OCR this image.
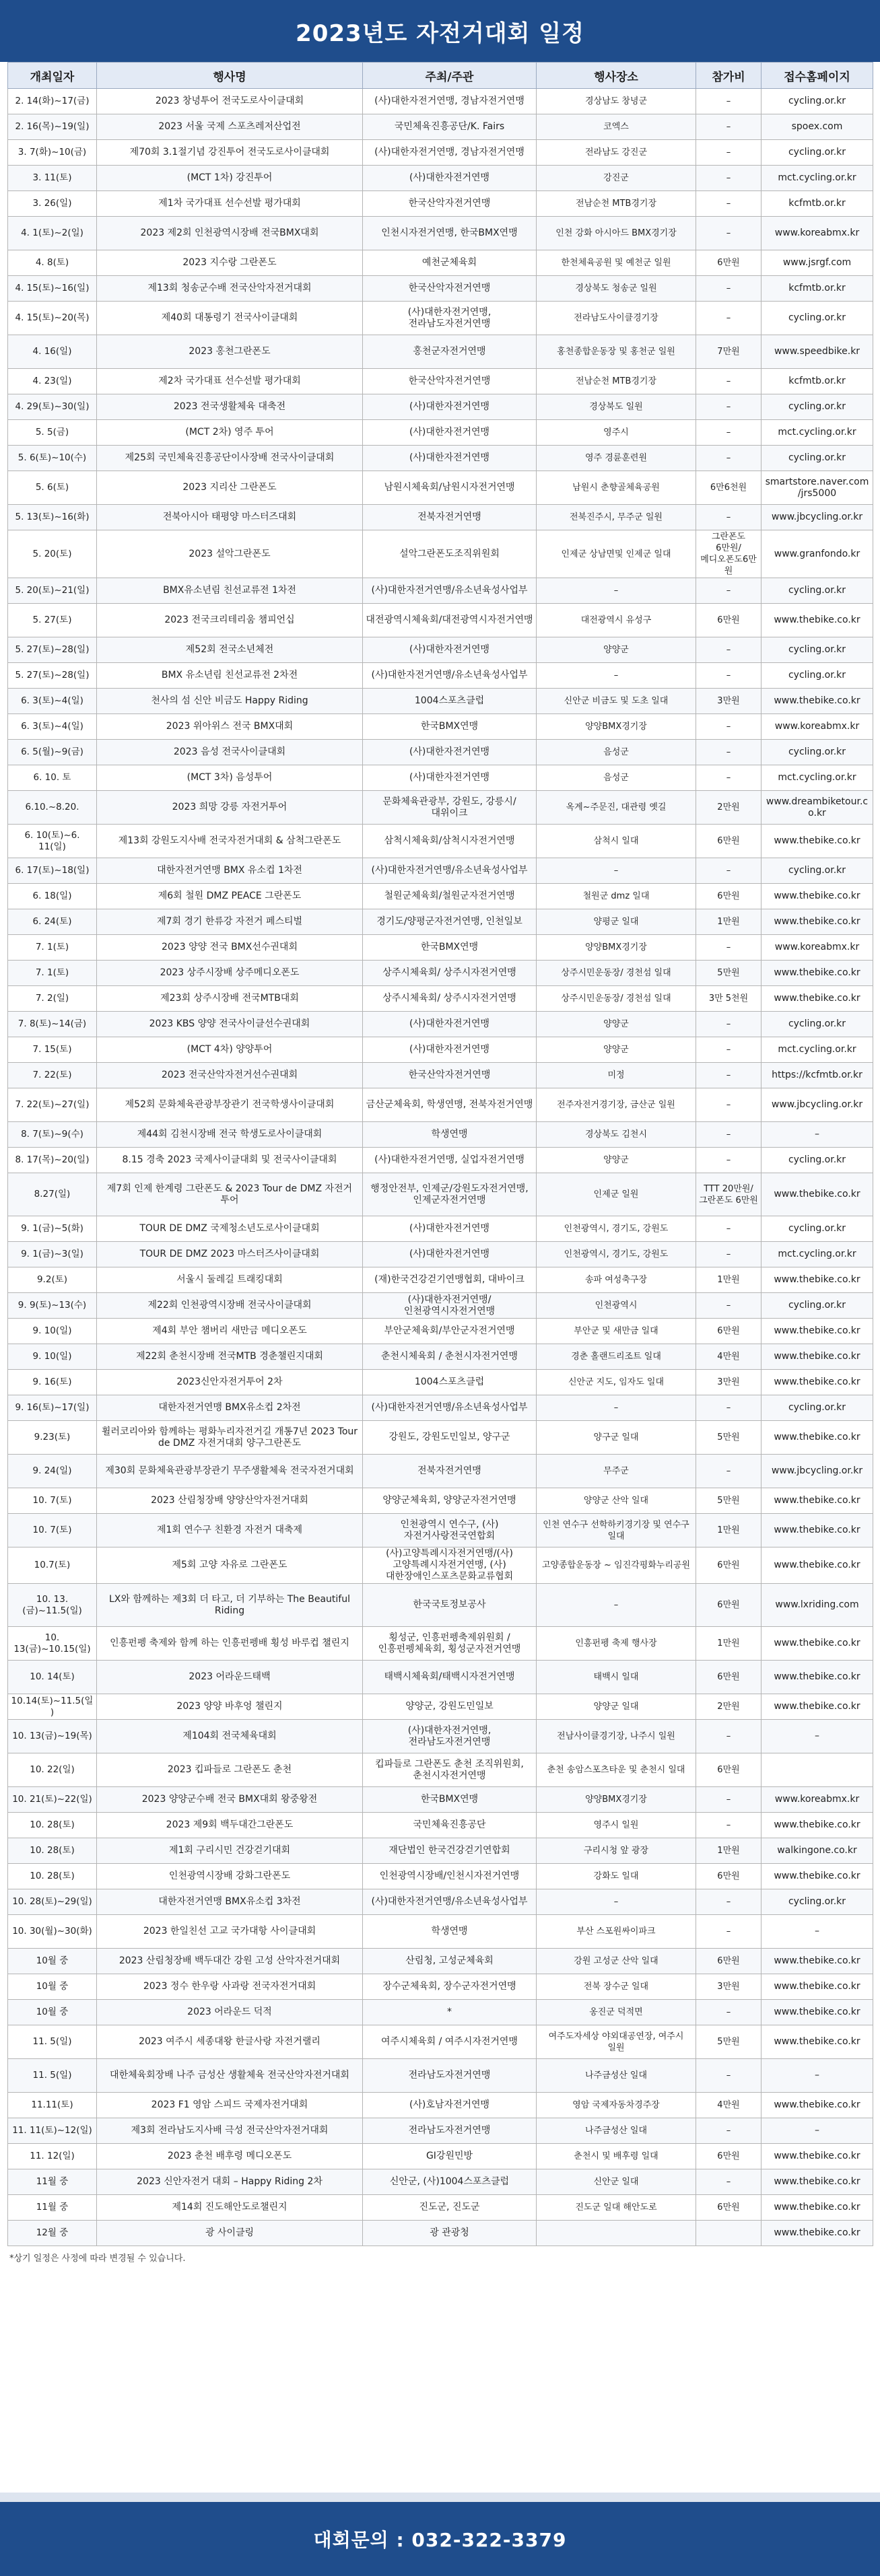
2023년도 자전거대회 일정
개최일자	행사명	주최/주관	행사장소	참가비	접수홈페이지
2. 14(화)~17(금)	2023 창녕투어 전국도로사이클대회	(사)대한자전거연맹, 경남자전거연맹	경상남도 창녕군	–	cycling.or.kr
2. 16(목)~19(일)	2023 서울 국제 스포츠레저산업전	국민체육진흥공단/K. Fairs	코엑스	–	spoex.com
3. 7(화)~10(금)	제70회 3.1절기념 강진투어 전국도로사이클대회	(사)대한자전거연맹, 경남자전거연맹	전라남도 강진군	–	cycling.or.kr
3. 11(토)	(MCT 1차) 강진투어	(사)대한자전거연맹	강진군	–	mct.cycling.or.kr
3. 26(일)	제1차 국가대표 선수선발 평가대회	한국산악자전거연맹	전남순천 MTB경기장	–	kcfmtb.or.kr
4. 1(토)~2(일)	2023 제2회 인천광역시장배 전국BMX대회	인천시자전거연맹, 한국BMX연맹	인천 강화 아시아드 BMX경기장	–	www.koreabmx.kr
4. 8(토)	2023 지수랑 그란폰도	예천군체육회	한천체육공원 및 예천군 일원	6만원	www.jsrgf.com
4. 15(토)~16(일)	제13회 청송군수배 전국산악자전거대회	한국산악자전거연맹	경상북도 청송군 일원	–	kcfmtb.or.kr
4. 15(토)~20(목)	제40회 대통령기 전국사이클대회	(사)대한자전거연맹, 전라남도자전거연맹	전라남도사이클경기장	–	cycling.or.kr
4. 16(일)	2023 홍천그란폰도	홍천군자전거연맹	홍천종합운동장 및 홍천군 일원	7만원	www.speedbike.kr
4. 23(일)	제2차 국가대표 선수선발 평가대회	한국산악자전거연맹	전남순천 MTB경기장	–	kcfmtb.or.kr
4. 29(토)~30(일)	2023 전국생활체육 대축전	(사)대한자전거연맹	경상북도 일원	–	cycling.or.kr
5. 5(금)	(MCT 2차) 영주 투어	(사)대한자전거연맹	영주시	–	mct.cycling.or.kr
5. 6(토)~10(수)	제25회 국민체육진흥공단이사장배 전국사이클대회	(사)대한자전거연맹	영주 경륜훈련원	–	cycling.or.kr
5. 6(토)	2023 지리산 그란폰도	남원시체육회/남원시자전거연맹	남원시 춘향골체육공원	6만6천원	smartstore.naver.com/jrs5000
5. 13(토)~16(화)	전북아시아 태평양 마스터즈대회	전북자전거연맹	전북진주시, 무주군 일원	–	www.jbcycling.or.kr
5. 20(토)	2023 설악그란폰도	설악그란폰도조직위원회	인제군 상남면및 인제군 일대	그란폰도 6만원/메디오폰도6만원	www.granfondo.kr
5. 20(토)~21(일)	BMX유소년림 친선교류전 1차전	(사)대한자전거연맹/유소년육성사업부	–	–	cycling.or.kr
5. 27(토)	2023 전국크리테리움 챔피언십	대전광역시체육회/대전광역시자전거연맹	대전광역시 유성구	6만원	www.thebike.co.kr
5. 27(토)~28(일)	제52회 전국소년체전	(사)대한자전거연맹	양양군	–	cycling.or.kr
5. 27(토)~28(일)	BMX 유소년림 친선교류전 2차전	(사)대한자전거연맹/유소년육성사업부	–	–	cycling.or.kr
6. 3(토)~4(일)	천사의 섬 신안 비금도 Happy Riding	1004스포츠클럽	신안군 비금도 및 도초 일대	3만원	www.thebike.co.kr
6. 3(토)~4(일)	2023 위아위스 전국 BMX대회	한국BMX연맹	양양BMX경기장	–	www.koreabmx.kr
6. 5(월)~9(금)	2023 음성 전국사이클대회	(사)대한자전거연맹	음성군	–	cycling.or.kr
6. 10. 토	(MCT 3차) 음성투어	(사)대한자전거연맹	음성군	–	mct.cycling.or.kr
6.10.~8.20.	2023 희망 강릉 자전거투어	문화체육관광부, 강원도, 강릉시/대위이크	옥계~주문진, 대관령 옛길	2만원	www.dreambiketour.co.kr
6. 10(토)~6. 11(일)	제13회 강원도지사배 전국자전거대회 & 삼척그란폰도	삼척시체육회/삼척시자전거연맹	삼척시 일대	6만원	www.thebike.co.kr
6. 17(토)~18(일)	대한자전거연맹 BMX 유소컵 1차전	(사)대한자전거연맹/유소년육성사업부	–	–	cycling.or.kr
6. 18(일)	제6회 철원 DMZ PEACE 그란폰도	철원군체육회/철원군자전거연맹	철원군 dmz 일대	6만원	www.thebike.co.kr
6. 24(토)	제7회 경기 한류강 자전거 페스티벌	경기도/양평군자전거연맹, 인천일보	양평군 일대	1만원	www.thebike.co.kr
7. 1(토)	2023 양양 전국 BMX선수권대회	한국BMX연맹	양양BMX경기장	–	www.koreabmx.kr
7. 1(토)	2023 상주시장배 상주메디오폰도	상주시체육회/ 상주시자전거연맹	상주시민운동장/ 경천섬 일대	5만원	www.thebike.co.kr
7. 2(일)	제23회 상주시장배 전국MTB대회	상주시체육회/ 상주시자전거연맹	상주시민운동장/ 경천섬 일대	3만 5천원	www.thebike.co.kr
7. 8(토)~14(금)	2023 KBS 양양 전국사이클선수권대회	(사)대한자전거연맹	양양군	–	cycling.or.kr
7. 15(토)	(MCT 4차) 양양투어	(사)대한자전거연맹	양양군	–	mct.cycling.or.kr
7. 22(토)	2023 전국산악자전거선수권대회	한국산악자전거연맹	미정	–	https://kcfmtb.or.kr
7. 22(토)~27(일)	제52회 문화체육관광부장관기 전국학생사이클대회	금산군체육회, 학생연맹, 전북자전거연맹	전주자전거경기장, 금산군 일원	–	www.jbcycling.or.kr
8. 7(토)~9(수)	제44회 김천시장배 전국 학생도로사이클대회	학생연맹	경상북도 김천시	–	–
8. 17(목)~20(일)	8.15 경축 2023 국제사이클대회 및 전국사이클대회	(사)대한자전거연맹, 실업자전거연맹	양양군	–	cycling.or.kr
8.27(일)	제7회 인제 한계령 그란폰도 & 2023 Tour de DMZ 자전거 투어	행정안전부, 인제군/강원도자전거연맹, 인제군자전거연맹	인제군 일원	TTT 20만원/그란폰도 6만원	www.thebike.co.kr
9. 1(금)~5(화)	TOUR DE DMZ 국제청소년도로사이클대회	(사)대한자전거연맹	인천광역시, 경기도, 강원도	–	cycling.or.kr
9. 1(금)~3(일)	TOUR DE DMZ 2023 마스터즈사이클대회	(사)대한자전거연맹	인천광역시, 경기도, 강원도	–	mct.cycling.or.kr
9.2(토)	서울시 둘레길 트래킹대회	(재)한국건강걷기연맹협회, 대바이크	송파 여성축구장	1만원	www.thebike.co.kr
9. 9(토)~13(수)	제22회 인천광역시장배 전국사이클대회	(사)대한자전거연맹/인천광역시자전거연맹	인천광역시	–	cycling.or.kr
9. 10(일)	제4회 부안 챔버리 새만금 메디오폰도	부안군체육회/부안군자전거연맹	부안군 및 새만금 일대	6만원	www.thebike.co.kr
9. 10(일)	제22회 춘천시장배 전국MTB 경춘챌린지대회	춘천시체육회 / 춘천시자전거연맹	경춘 홀랜드리조트 일대	4만원	www.thebike.co.kr
9. 16(토)	2023신안자전거투어 2차	1004스포츠클럽	신안군 지도, 임자도 일대	3만원	www.thebike.co.kr
9. 16(토)~17(일)	대한자전거연맹 BMX유소컵 2차전	(사)대한자전거연맹/유소년육성사업부	–	–	cycling.or.kr
9.23(토)	휠러코리아와 함께하는 평화누리자전거길 개통7년 2023 Tour de DMZ 자전거대회 양구그란폰도	강원도, 강원도민일보, 양구군	양구군 일대	5만원	www.thebike.co.kr
9. 24(일)	제30회 문화체육관광부장관기 무주생활체육 전국자전거대회	전북자전거연맹	무주군	–	www.jbcycling.or.kr
10. 7(토)	2023 산림청장배 양양산악자전거대회	양양군체육회, 양양군자전거연맹	양양군 산악 일대	5만원	www.thebike.co.kr
10. 7(토)	제1회 연수구 친환경 자전거 대축제	인천광역시 연수구, (사)자전거사랑전국연합회	인천 연수구 선학하키경기장 및 연수구 일대	1만원	www.thebike.co.kr
10.7(토)	제5회 고양 자유로 그란폰도	(사)고양특례시자전거연맹/(사)고양특례시자전거연맹, (사)대한장애인스포츠문화교류협회	고양종합운동장 ~ 임진각평화누리공원	6만원	www.thebike.co.kr
10. 13.(금)~11.5(일)	LX와 함께하는 제3회 더 타고, 더 기부하는 The Beautiful Riding	한국국토정보공사	–	6만원	www.lxriding.com
10. 13(금)~10.15(일)	인흥펀펭 축제와 함께 하는 인흥펀펭배 횡성 바루컵 챌린지	횡성군, 인흥펀펭축제위원회 / 인흥펀펭체육회, 횡성군자전거연맹	인흥펀펭 축제 행사장	1만원	www.thebike.co.kr
10. 14(토)	2023 어라운드태백	태백시체육회/태백시자전거연맹	태백시 일대	6만원	www.thebike.co.kr
10.14(토)~11.5(일)	2023 양양 바후엉 챌린지	양양군, 강원도민일보	양양군 일대	2만원	www.thebike.co.kr
10. 13(금)~19(목)	제104회 전국체육대회	(사)대한자전거연맹, 전라남도자전거연맹	전남사이클경기장, 나주시 일원	–	–
10. 22(일)	2023 킵파들로 그란폰도 춘천	킵파들로 그란폰도 춘천 조직위원회, 춘천시자전거연맹	춘천 송암스포츠타운 및 춘천시 일대	6만원	
10. 21(토)~22(일)	2023 양양군수배 전국 BMX대회 왕중왕전	한국BMX연맹	양양BMX경기장	–	www.koreabmx.kr
10. 28(토)	2023 제9회 백두대간그란폰도	국민체육진흥공단	영주시 일원	–	www.thebike.co.kr
10. 28(토)	제1회 구리시민 건강걷기대회	재단법인 한국건강걷기연합회	구리시청 앞 광장	1만원	walkingone.co.kr
10. 28(토)	인천광역시장배 강화그란폰도	인천광역시장배/인천시자전거연맹	강화도 일대	6만원	www.thebike.co.kr
10. 28(토)~29(일)	대한자전거연맹 BMX유소컵 3차전	(사)대한자전거연맹/유소년육성사업부	–	–	cycling.or.kr
10. 30(월)~30(화)	2023 한일친선 고교 국가대항 사이클대회	학생연맹	부산 스포원싸이파크	–	–
10월 중	2023 산림청장배 백두대간 강원 고성 산악자전거대회	산림청, 고성군체육회	강원 고성군 산악 일대	6만원	www.thebike.co.kr
10월 중	2023 정수 한우랑 사과랑 전국자전거대회	장수군체육회, 장수군자전거연맹	전북 장수군 일대	3만원	www.thebike.co.kr
10월 중	2023 어라운드 덕적	*	옹진군 덕적면	–	www.thebike.co.kr
11. 5(일)	2023 여주시 세종대왕 한글사랑 자전거랠리	여주시체육회 / 여주시자전거연맹	여주도자세상 야외대공연장, 여주시 일원	5만원	www.thebike.co.kr
11. 5(일)	대한체육회장배 나주 금성산 생활체육 전국산악자전거대회	전라남도자전거연맹	나주금성산 일대	–	–
11.11(토)	2023 F1 영암 스피드 국제자전거대회	(사)호남자전거연맹	영암 국제자동차경주장	4만원	www.thebike.co.kr
11. 11(토)~12(일)	제3회 전라남도지사배 극성 전국산악자전거대회	전라남도자전거연맹	나주금성산 일대	–	–
11. 12(일)	2023 춘천 배후령 메디오폰도	GI강원민방	춘천시 및 배후령 일대	6만원	www.thebike.co.kr
11월 중	2023 신안자전거 대회 – Happy Riding 2차	신안군, (사)1004스포츠클럽	신안군 일대	–	www.thebike.co.kr
11월 중	제14회 진도해안도로챌린지	진도군, 진도군	진도군 일대 해안도로	6만원	www.thebike.co.kr
12월 중	광 사이클링	광 관광청			www.thebike.co.kr
*상기 일정은 사정에 따라 변경될 수 있습니다.
대회문의 : 032-322-3379
